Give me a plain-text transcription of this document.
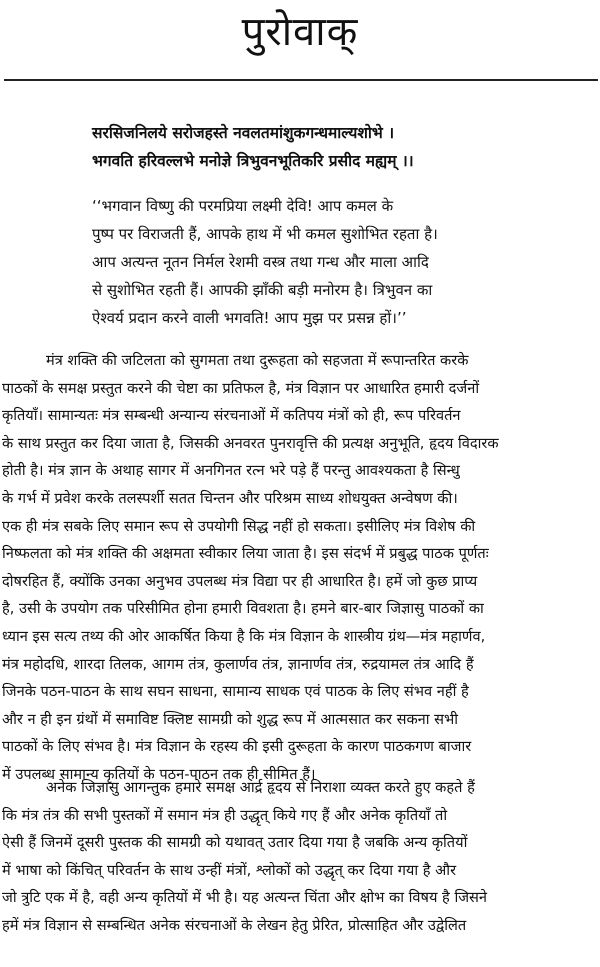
पुरोवाक्
सरसिजनिलये सरोजहस्ते नवलतमांशुकगन्धमाल्यशोभे ।
भगवति हरिवल्लभे मनोज्ञे त्रिभुवनभूतिकरि प्रसीद मह्यम् ।।
‘‘भगवान विष्णु की परमप्रिया लक्ष्मी देवि! आप कमल के
पुष्प पर विराजती हैं, आपके हाथ में भी कमल सुशोभित रहता है।
आप अत्यन्त नूतन निर्मल रेशमी वस्त्र तथा गन्ध और माला आदि
से सुशोभित रहती हैं। आपकी झाँकी बड़ी मनोरम है। त्रिभुवन का
ऐश्वर्य प्रदान करने वाली भगवति! आप मुझ पर प्रसन्न हों।’’
मंत्र शक्ति की जटिलता को सुगमता तथा दुरूहता को सहजता में रूपान्तरित करके
पाठकों के समक्ष प्रस्तुत करने की चेष्टा का प्रतिफल है, मंत्र विज्ञान पर आधारित हमारी दर्जनों
कृतियाँ। सामान्यतः मंत्र सम्बन्धी अन्यान्य संरचनाओं में कतिपय मंत्रों को ही, रूप परिवर्तन
के साथ प्रस्तुत कर दिया जाता है, जिसकी अनवरत पुनरावृत्ति की प्रत्यक्ष अनुभूति, हृदय विदारक
होती है। मंत्र ज्ञान के अथाह सागर में अनगिनत रत्न भरे पड़े हैं परन्तु आवश्यकता है सिन्धु
के गर्भ में प्रवेश करके तलस्पर्शी सतत चिन्तन और परिश्रम साध्य शोधयुक्त अन्वेषण की।
एक ही मंत्र सबके लिए समान रूप से उपयोगी सिद्ध नहीं हो सकता। इसीलिए मंत्र विशेष की
निष्फलता को मंत्र शक्ति की अक्षमता स्वीकार लिया जाता है। इस संदर्भ में प्रबुद्ध पाठक पूर्णतः
दोषरहित हैं, क्योंकि उनका अनुभव उपलब्ध मंत्र विद्या पर ही आधारित है। हमें जो कुछ प्राप्य
है, उसी के उपयोग तक परिसीमित होना हमारी विवशता है। हमने बार-बार जिज्ञासु पाठकों का
ध्यान इस सत्य तथ्य की ओर आकर्षित किया है कि मंत्र विज्ञान के शास्त्रीय ग्रंथ—मंत्र महार्णव,
मंत्र महोदधि, शारदा तिलक, आगम तंत्र, कुलार्णव तंत्र, ज्ञानार्णव तंत्र, रुद्रयामल तंत्र आदि हैं
जिनके पठन-पाठन के साथ सघन साधना, सामान्य साधक एवं पाठक के लिए संभव नहीं है
और न ही इन ग्रंथों में समाविष्ट क्लिष्ट सामग्री को शुद्ध रूप में आत्मसात कर सकना सभी
पाठकों के लिए संभव है। मंत्र विज्ञान के रहस्य की इसी दुरूहता के कारण पाठकगण बाजार
में उपलब्ध सामान्य कृतियों के पठन-पाठन तक ही सीमित हैं।
अनेक जिज्ञासु आगन्तुक हमारे समक्ष आर्द्र हृदय से निराशा व्यक्त करते हुए कहते हैं
कि मंत्र तंत्र की सभी पुस्तकों में समान मंत्र ही उद्धृत् किये गए हैं और अनेक कृतियाँ तो
ऐसी हैं जिनमें दूसरी पुस्तक की सामग्री को यथावत् उतार दिया गया है जबकि अन्य कृतियों
में भाषा को किंचित् परिवर्तन के साथ उन्हीं मंत्रों, श्लोकों को उद्धृत् कर दिया गया है और
जो त्रुटि एक में है, वही अन्य कृतियों में भी है। यह अत्यन्त चिंता और क्षोभ का विषय है जिसने
हमें मंत्र विज्ञान से सम्बन्धित अनेक संरचनाओं के लेखन हेतु प्रेरित, प्रोत्साहित और उद्वेलित
